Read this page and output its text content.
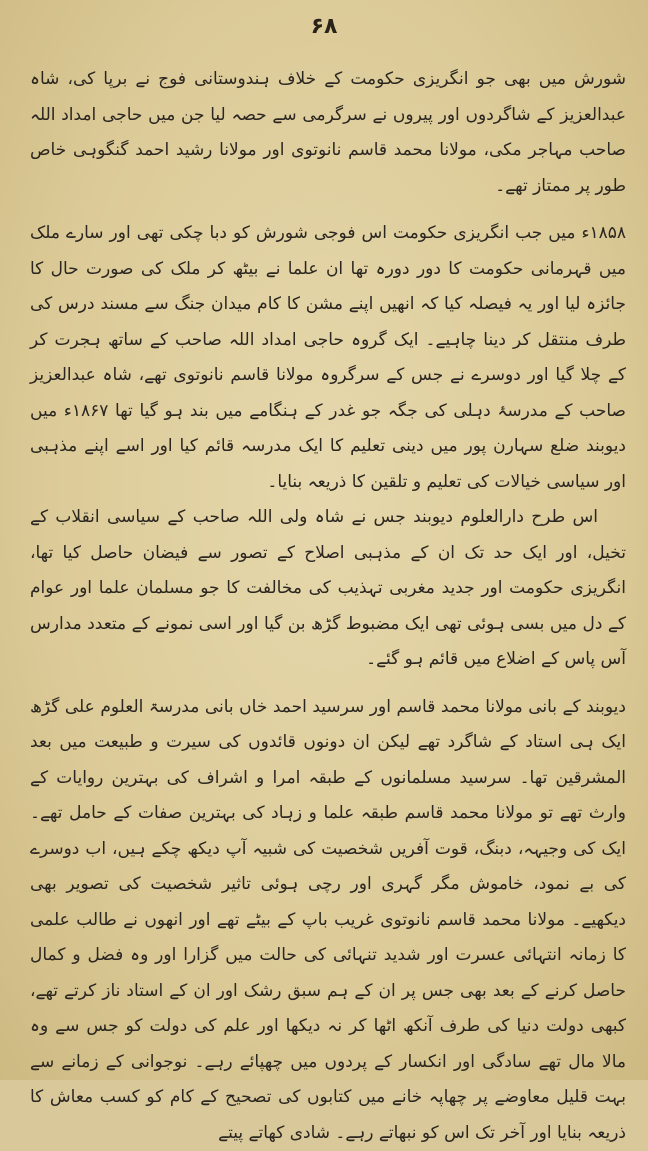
۶۸

شورش میں بھی جو انگریزی حکومت کے خلاف ہندوستانی فوج نے برپا کی، شاہ عبدالعزیز کے شاگردوں اور پیروں نے سرگرمی سے حصہ لیا جن میں حاجی امداد اللہ صاحب مہاجر مکی، مولانا محمد قاسم نانوتوی اور مولانا رشید احمد گنگوہی خاص طور پر ممتاز تھے۔

۱۸۵۸ء میں جب انگریزی حکومت اس فوجی شورش کو دبا چکی تھی اور سارے ملک میں قہرمانی حکومت کا دور دورہ تھا ان علما نے بیٹھ کر ملک کی صورت حال کا جائزہ لیا اور یہ فیصلہ کیا کہ انھیں اپنے مشن کا کام میدان جنگ سے مسند درس کی طرف منتقل کر دینا چاہیے۔ ایک گروہ حاجی امداد اللہ صاحب کے ساتھ ہجرت کر کے چلا گیا اور دوسرے نے جس کے سرگروہ مولانا قاسم نانوتوی تھے، شاہ عبدالعزیز صاحب کے مدرسۂ دہلی کی جگہ جو غدر کے ہنگامے میں بند ہو گیا تھا ۱۸۶۷ء میں دیوبند ضلع سہارن پور میں دینی تعلیم کا ایک مدرسہ قائم کیا اور اسے اپنے مذہبی اور سیاسی خیالات کی تعلیم و تلقین کا ذریعہ بنایا۔

اس طرح دارالعلوم دیوبند جس نے شاہ ولی اللہ صاحب کے سیاسی انقلاب کے تخیل، اور ایک حد تک ان کے مذہبی اصلاح کے تصور سے فیضان حاصل کیا تھا، انگریزی حکومت اور جدید مغربی تہذیب کی مخالفت کا جو مسلمان علما اور عوام کے دل میں بسی ہوئی تھی ایک مضبوط گڑھ بن گیا اور اسی نمونے کے متعدد مدارس آس پاس کے اضلاع میں قائم ہو گئے۔

دیوبند کے بانی مولانا محمد قاسم اور سرسید احمد خاں بانی مدرسۃ العلوم علی گڑھ ایک ہی استاد کے شاگرد تھے لیکن ان دونوں قائدوں کی سیرت و طبیعت میں بعد المشرقین تھا۔ سرسید مسلمانوں کے طبقہ امرا و اشراف کی بہترین روایات کے وارث تھے تو مولانا محمد قاسم طبقہ علما و زہاد کی بہترین صفات کے حامل تھے۔ ایک کی وجیہہ، دبنگ، قوت آفریں شخصیت کی شبیہ آپ دیکھ چکے ہیں، اب دوسرے کی بے نمود، خاموش مگر گہری اور رچی ہوئی تاثیر شخصیت کی تصویر بھی دیکھیے۔ مولانا محمد قاسم نانوتوی غریب باپ کے بیٹے تھے اور انھوں نے طالب علمی کا زمانہ انتہائی عسرت اور شدید تنہائی کی حالت میں گزارا اور وہ فضل و کمال حاصل کرنے کے بعد بھی جس پر ان کے ہم سبق رشک اور ان کے استاد ناز کرتے تھے، کبھی دولت دنیا کی طرف آنکھ اٹھا کر نہ دیکھا اور علم کی دولت کو جس سے وہ مالا مال تھے سادگی اور انکسار کے پردوں میں چھپائے رہے۔ نوجوانی کے زمانے سے بہت قلیل معاوضے پر چھاپہ خانے میں کتابوں کی تصحیح کے کام کو کسب معاش کا ذریعہ بنایا اور آخر تک اس کو نبھاتے رہے۔ شادی کھاتے پیتے
